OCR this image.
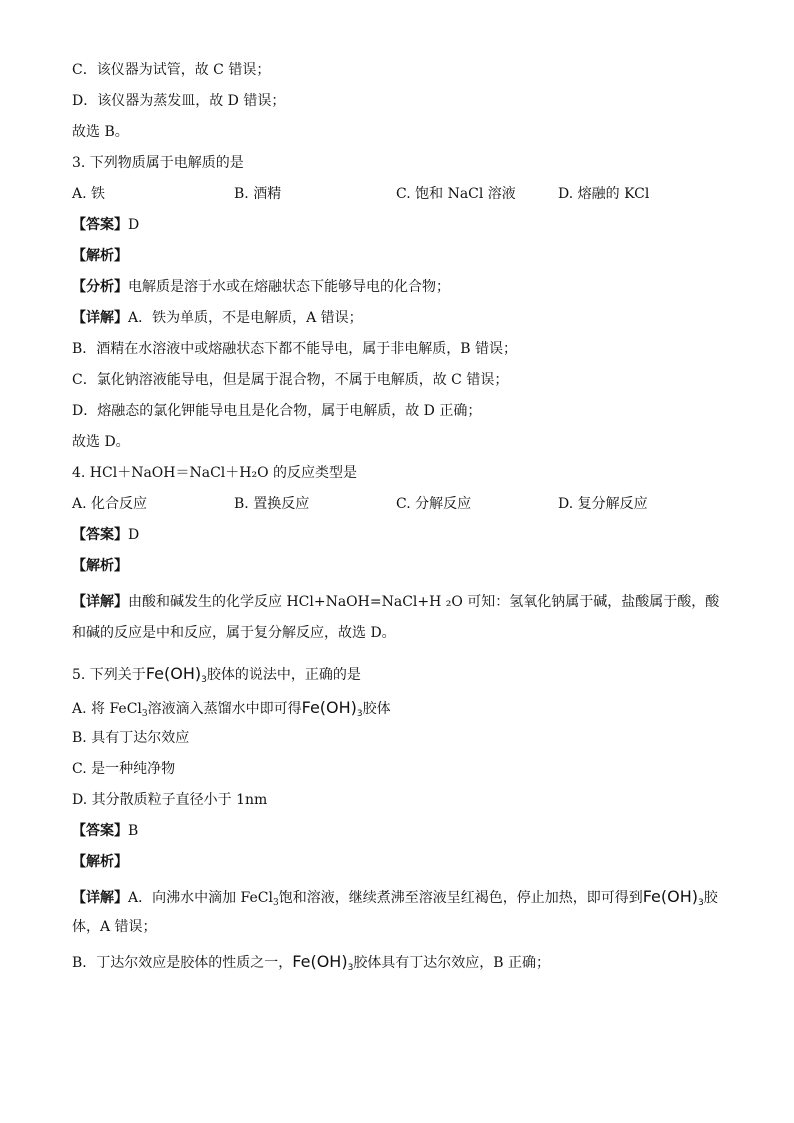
C．该仪器为试管，故 C 错误；
D．该仪器为蒸发皿，故 D 错误；
故选 B。
3. 下列物质属于电解质的是
A. 铁	B. 酒精	C. 饱和 NaCl 溶液	D. 熔融的 KCl
【答案】D
【解析】
【分析】电解质是溶于水或在熔融状态下能够导电的化合物；
【详解】A．铁为单质，不是电解质，A 错误；
B．酒精在水溶液中或熔融状态下都不能导电，属于非电解质，B 错误；
C．氯化钠溶液能导电，但是属于混合物，不属于电解质，故 C 错误；
D．熔融态的氯化钾能导电且是化合物，属于电解质，故 D 正确；
故选 D。
4. HCl＋NaOH＝NaCl＋H₂O 的反应类型是
A. 化合反应	B. 置换反应	C. 分解反应	D. 复分解反应
【答案】D
【解析】
【详解】由酸和碱发生的化学反应 HCl+NaOH=NaCl+H ₂O 可知：氢氧化钠属于碱，盐酸属于酸，酸和碱的反应是中和反应，属于复分解反应，故选 D。
5. 下列关于$Fe(OH)_3$胶体的说法中，正确的是
A. 将 FeCl$_3$溶液滴入蒸馏水中即可得$Fe(OH)_3$胶体
B. 具有丁达尔效应
C. 是一种纯净物
D. 其分散质粒子直径小于 1nm
【答案】B
【解析】
【详解】A．向沸水中滴加 FeCl$_3$饱和溶液，继续煮沸至溶液呈红褐色，停止加热，即可得到$Fe(OH)_3$胶
体，A 错误；
B．丁达尔效应是胶体的性质之一，$Fe(OH)_3$胶体具有丁达尔效应，B 正确；
